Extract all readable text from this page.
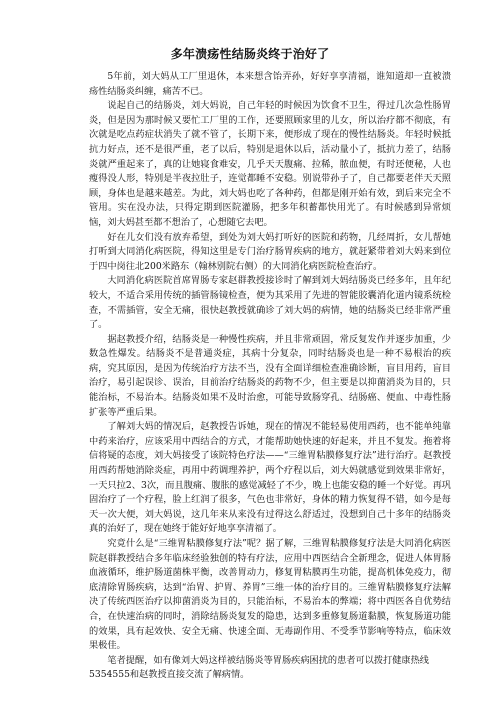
多年溃疡性结肠炎终于治好了

5年前，刘大妈从工厂里退休，本来想含饴弄孙，好好享享清福，谁知道却一直被溃疡性结肠炎纠缠，痛苦不已。

说起自己的结肠炎，刘大妈说，自己年轻的时候因为饮食不卫生，得过几次急性肠胃炎，但是因为那时候又要忙工厂里的工作，还要照顾家里的儿女，所以治疗都不彻底，有次就是吃点药症状消失了就不管了，长期下来，便形成了现在的慢性结肠炎。年轻时候抵抗力好点，还不是很严重，老了以后，特别是退休以后，活动量小了，抵抗力差了，结肠炎就严重起来了，真的让她寝食难安，几乎天天腹痛、拉稀，脓血便，有时还便秘，人也瘦得没人形，特别是半夜拉肚子，连觉都睡不安稳。别说带孙子了，自己都要老伴天天照顾，身体也是越来越差。为此，刘大妈也吃了各种药，但都是刚开始有效，到后来完全不管用。实在没办法，只得定期到医院灌肠，把多年积蓄都快用光了。有时候感到异常烦恼，刘大妈甚至都不想治了，心想随它去吧。

好在儿女们没有放弃希望，到处为刘大妈打听好的医院和药物，几经周折，女儿帮她打听到大同消化病医院，得知这里是专门治疗肠胃疾病的地方，就赶紧带着刘大妈来到位于四中岗往北200米路东（翰林别院右侧）的大同消化病医院检查治疗。

大同消化病医院首席胃肠专家赵群教授接诊时了解到刘大妈结肠炎已经多年，且年纪较大，不适合采用传统的插管肠镜检查，便为其采用了先进的智能胶囊消化道内镜系统检查，不需插管，安全无痛，很快赵教授就确诊了刘大妈的病情，她的结肠炎已经非常严重了。

据赵教授介绍，结肠炎是一种慢性疾病，并且非常顽固，常反复发作并逐步加重，少数急性爆发。结肠炎不是普通炎症，其病十分复杂，同时结肠炎也是一种不易根治的疾病，究其原因，是因为传统治疗方法不当，没有全面详细检查准确诊断，盲目用药，盲目治疗，易引起误诊、误治，目前治疗结肠炎的药物不少，但主要是以抑菌消炎为目的，只能治标，不易治本。结肠炎如果不及时治愈，可能导致肠穿孔、结肠癌、便血、中毒性肠扩张等严重后果。

了解刘大妈的情况后，赵教授告诉她，现在的情况不能轻易使用西药，也不能单纯靠中药来治疗，应该采用中西结合的方式，才能帮助她快速的好起来，并且不复发。拖着将信将疑的态度，刘大妈接受了该院特色疗法——“三维胃粘膜修复疗法”进行治疗。赵教授用西药帮她消除炎症，再用中药调理养护，两个疗程以后，刘大妈就感觉到效果非常好，一天只拉2、3次，而且腹痛、腹胀的感觉减轻了不少，晚上也能安稳的睡一个好觉。再巩固治疗了一个疗程，脸上红润了很多，气色也非常好，身体的精力恢复得不错，如今是每天一次大便，刘大妈说，这几年来从来没有过得这么舒适过，没想到自己十多年的结肠炎真的治好了，现在她终于能好好地享享清福了。

究竟什么是“三维胃粘膜修复疗法”呢？据了解，三维胃粘膜修复疗法是大同消化病医院赵群教授结合多年临床经验独创的特有疗法，应用中西医结合全新理念，促进人体胃肠血液循环，维护肠道菌株平衡，改善胃动力，修复胃粘膜再生功能，提高机体免疫力，彻底清除胃肠疾病，达到“治胃、护胃、养胃”三维一体的治疗目的。三维胃粘膜修复疗法解决了传统西医治疗以抑菌消炎为目的，只能治标，不易治本的弊端；将中西医各自优势结合，在快速治病的同时，消除结肠炎复发的隐患，达到多重修复肠道黏膜，恢复肠道功能的效果，具有起效快、安全无痛、快速全面、无毒副作用、不受季节影响等特点，临床效果极佳。

笔者提醒，如有像刘大妈这样被结肠炎等胃肠疾病困扰的患者可以拨打健康热线

5354555和赵教授直接交流了解病情。
